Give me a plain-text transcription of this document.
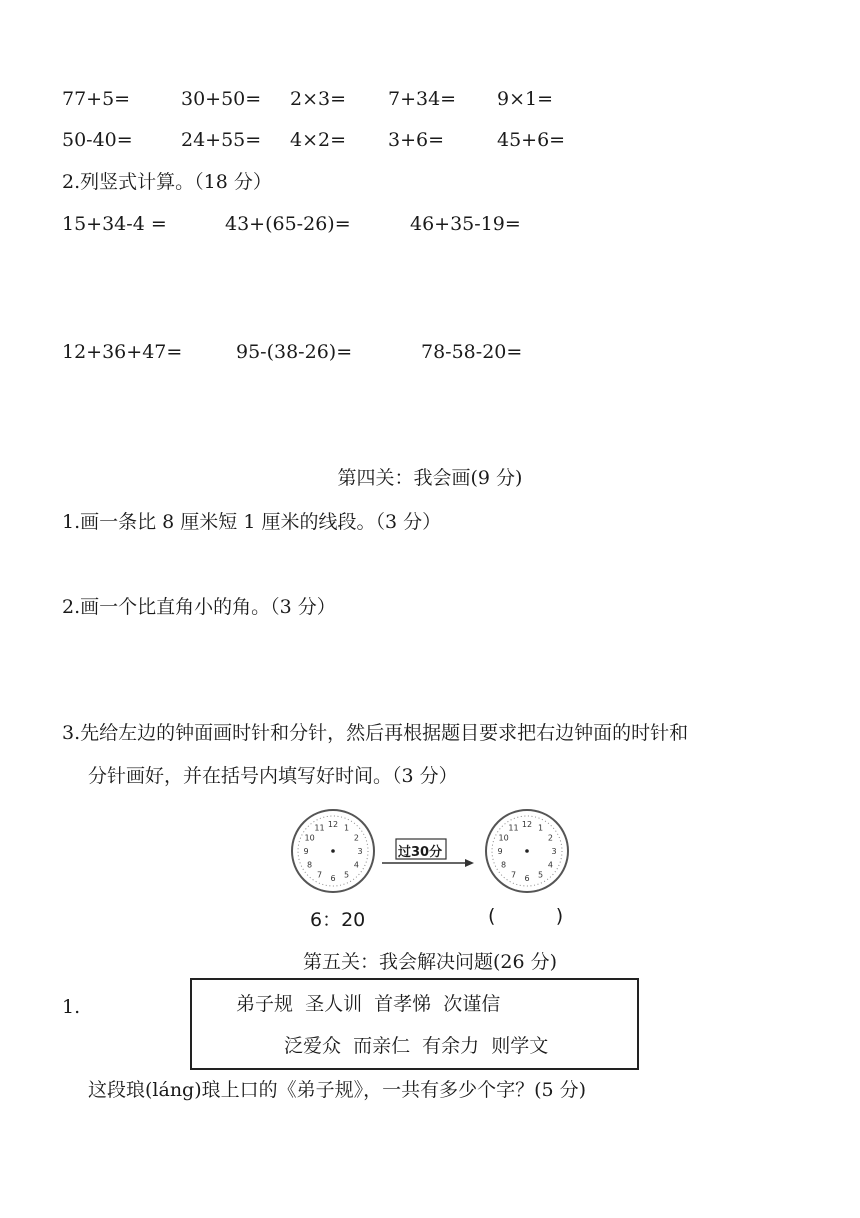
77+5=	30+50= 2×3= 7+34= 9×1=
50-40=	24+55= 4×2= 3+6=	45+6=
2.列竖式计算。（18 分）
15+34-4 =	43+(65-26)=	46+35-19=
12+36+47=	95-(38-26)=	78-58-20=
第四关：我会画(9 分)
1.画一条比 8 厘米短 1 厘米的线段。（3 分）
2.画一个比直角小的角。（3 分）
3.先给左边的钟面画时针和分针，然后再根据题目要求把右边钟面的时针和
分针画好，并在括号内填写好时间。（3 分）
12 1
2
3
4
5
6
7
8
9
10
11
过30分
12 1
2
3
4
5
6
7
8
9
10
11
6：20	(          )
第五关：我会解决问题(26 分)
1.	弟子规  圣人训  首孝悌  次谨信
泛爱众  而亲仁  有余力  则学文
这段琅(láng)琅上口的《弟子规》，一共有多少个字？(5 分)
